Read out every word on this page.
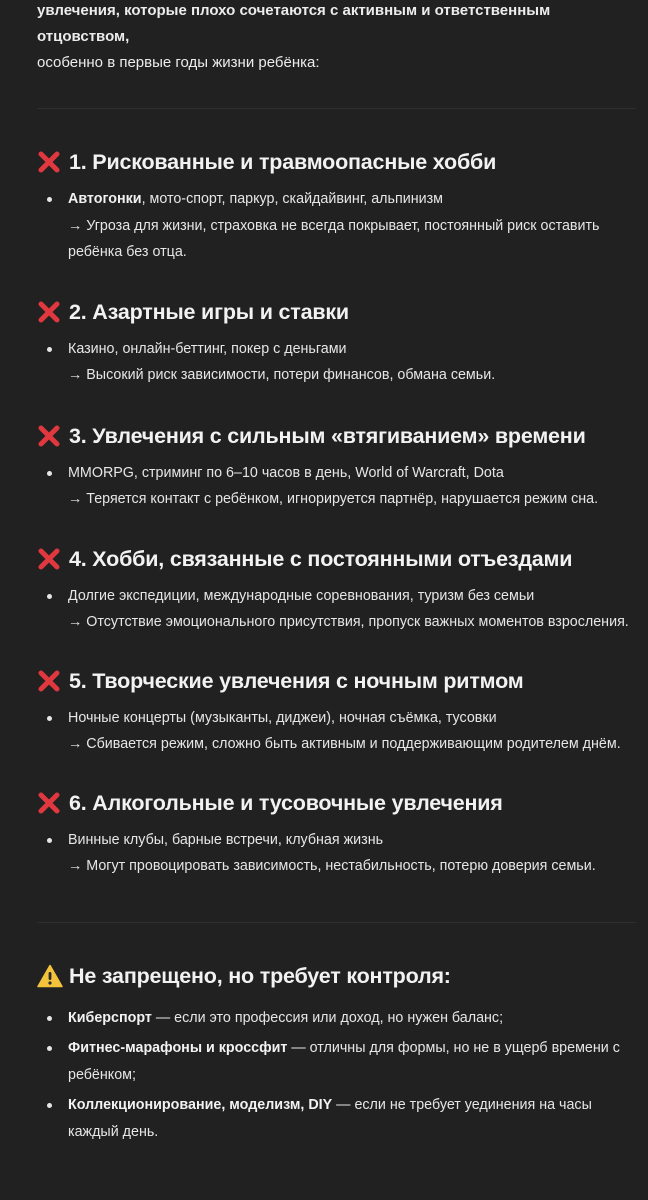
увлечения, которые плохо сочетаются с активным и ответственным отцовством,
особенно в первые годы жизни ребёнка:

1. Рискованные и травмоопасные хобби
Автогонки, мото-спорт, паркур, скайдайвинг, альпинизм
→ Угроза для жизни, страховка не всегда покрывает, постоянный риск оставить ребёнка без отца.
2. Азартные игры и ставки
Казино, онлайн-беттинг, покер с деньгами
→ Высокий риск зависимости, потери финансов, обмана семьи.
3. Увлечения с сильным «втягиванием» времени
MMORPG, стриминг по 6–10 часов в день, World of Warcraft, Dota
→ Теряется контакт с ребёнком, игнорируется партнёр, нарушается режим сна.
4. Хобби, связанные с постоянными отъездами
Долгие экспедиции, международные соревнования, туризм без семьи
→ Отсутствие эмоционального присутствия, пропуск важных моментов взросления.
5. Творческие увлечения с ночным ритмом
Ночные концерты (музыканты, диджеи), ночная съёмка, тусовки
→ Сбивается режим, сложно быть активным и поддерживающим родителем днём.
6. Алкогольные и тусовочные увлечения
Винные клубы, барные встречи, клубная жизнь
→ Могут провоцировать зависимость, нестабильность, потерю доверия семьи.
Не запрещено, но требует контроля:
Киберспорт — если это профессия или доход, но нужен баланс;
Фитнес-марафоны и кроссфит — отличны для формы, но не в ущерб времени с ребёнком;
Коллекционирование, моделизм, DIY — если не требует уединения на часы каждый день.
